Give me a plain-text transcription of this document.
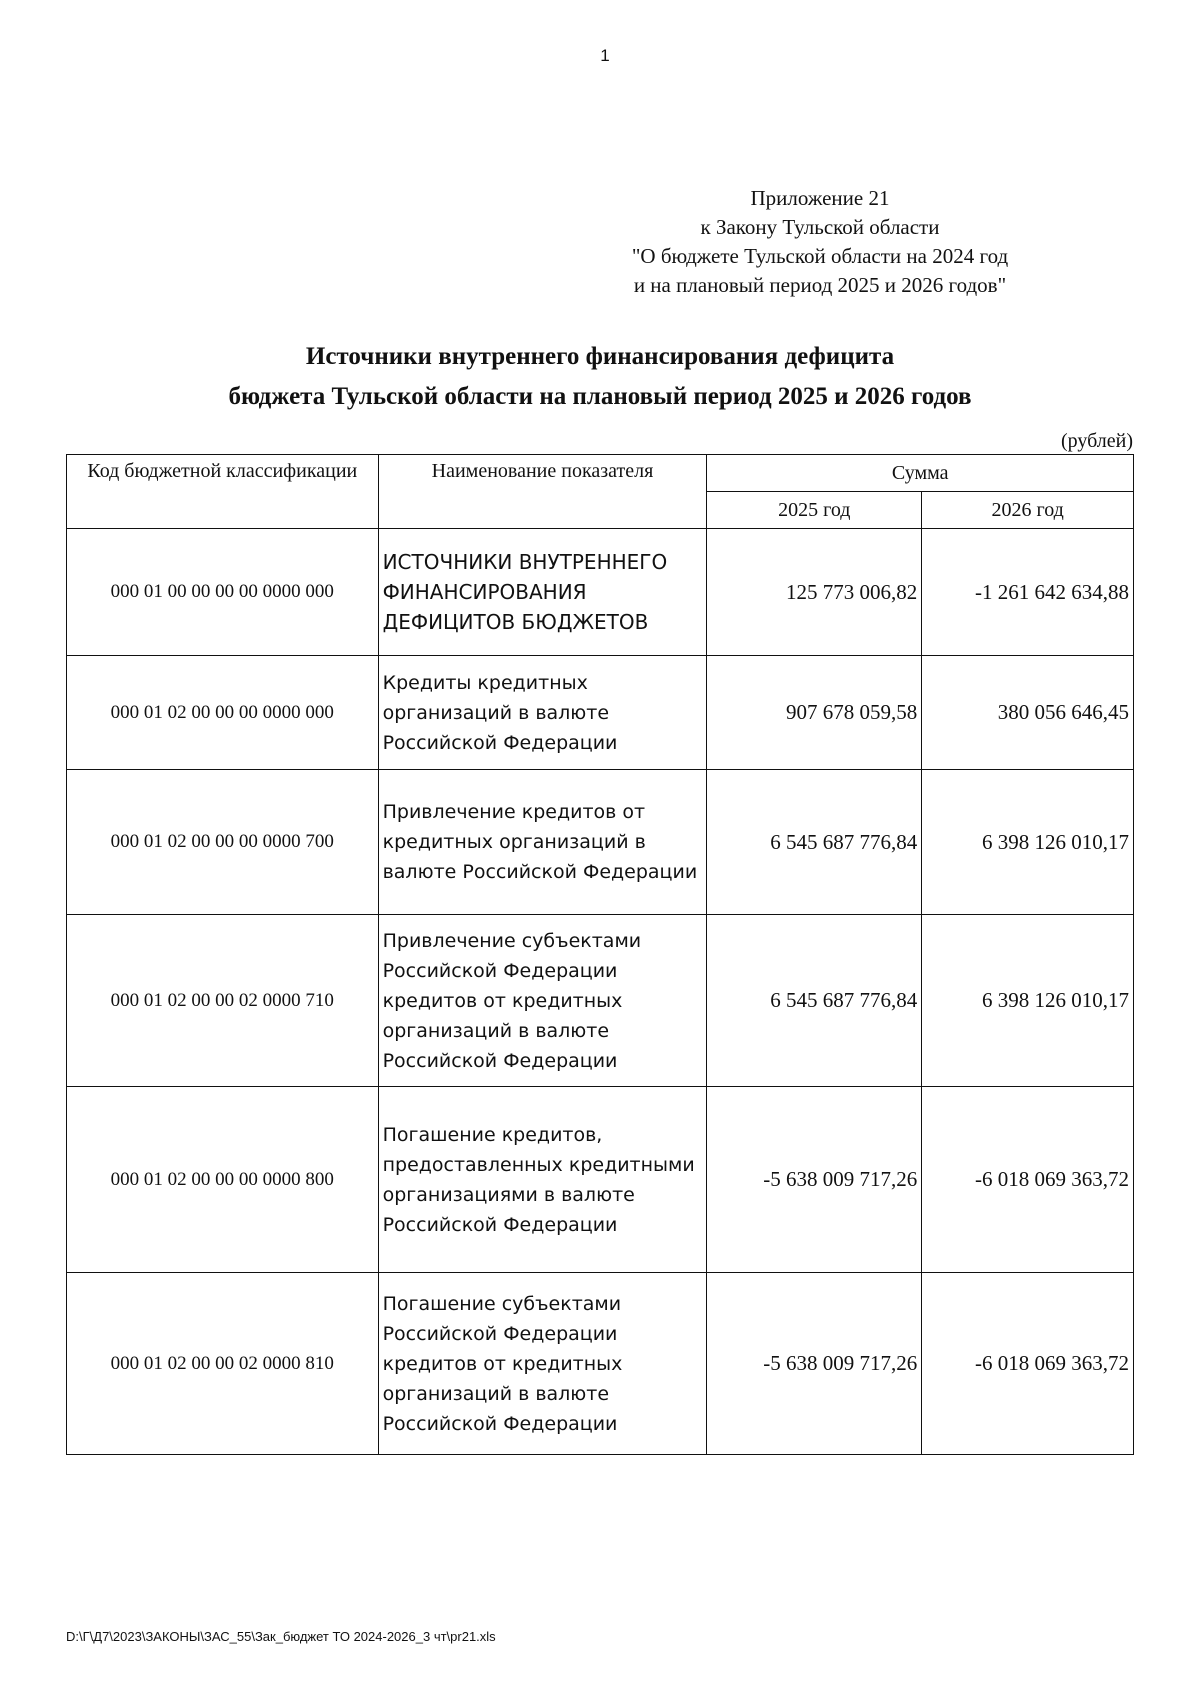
1
Приложение 21
к Закону Тульской области
"О бюджете Тульской области на 2024 год
и на плановый период 2025 и 2026 годов"
Источники внутреннего финансирования дефицита
бюджета Тульской области на плановый период 2025 и 2026 годов
(рублей)
Код бюджетной классификации	Наименование показателя	Сумма	
		2025 год	2026 год
000 01 00 00 00 00 0000 000	ИСТОЧНИКИ ВНУТРЕННЕГО ФИНАНСИРОВАНИЯ ДЕФИЦИТОВ БЮДЖЕТОВ	125 773 006,82	-1 261 642 634,88
000 01 02 00 00 00 0000 000	Кредиты кредитных организаций в валюте Российской Федерации	907 678 059,58	380 056 646,45
000 01 02 00 00 00 0000 700	Привлечение кредитов от кредитных организаций в валюте Российской Федерации	6 545 687 776,84	6 398 126 010,17
000 01 02 00 00 02 0000 710	Привлечение субъектами Российской Федерации кредитов от кредитных организаций в валюте Российской Федерации	6 545 687 776,84	6 398 126 010,17
000 01 02 00 00 00 0000 800	Погашение кредитов, предоставленных кредитными организациями в валюте Российской Федерации	-5 638 009 717,26	-6 018 069 363,72
000 01 02 00 00 02 0000 810	Погашение субъектами Российской Федерации кредитов от кредитных организаций в валюте Российской Федерации	-5 638 009 717,26	-6 018 069 363,72
D:\Г\Д7\2023\ЗАКОНЫ\ЗАС_55\Зак_бюджет ТО 2024-2026_3 чт\pr21.xls
